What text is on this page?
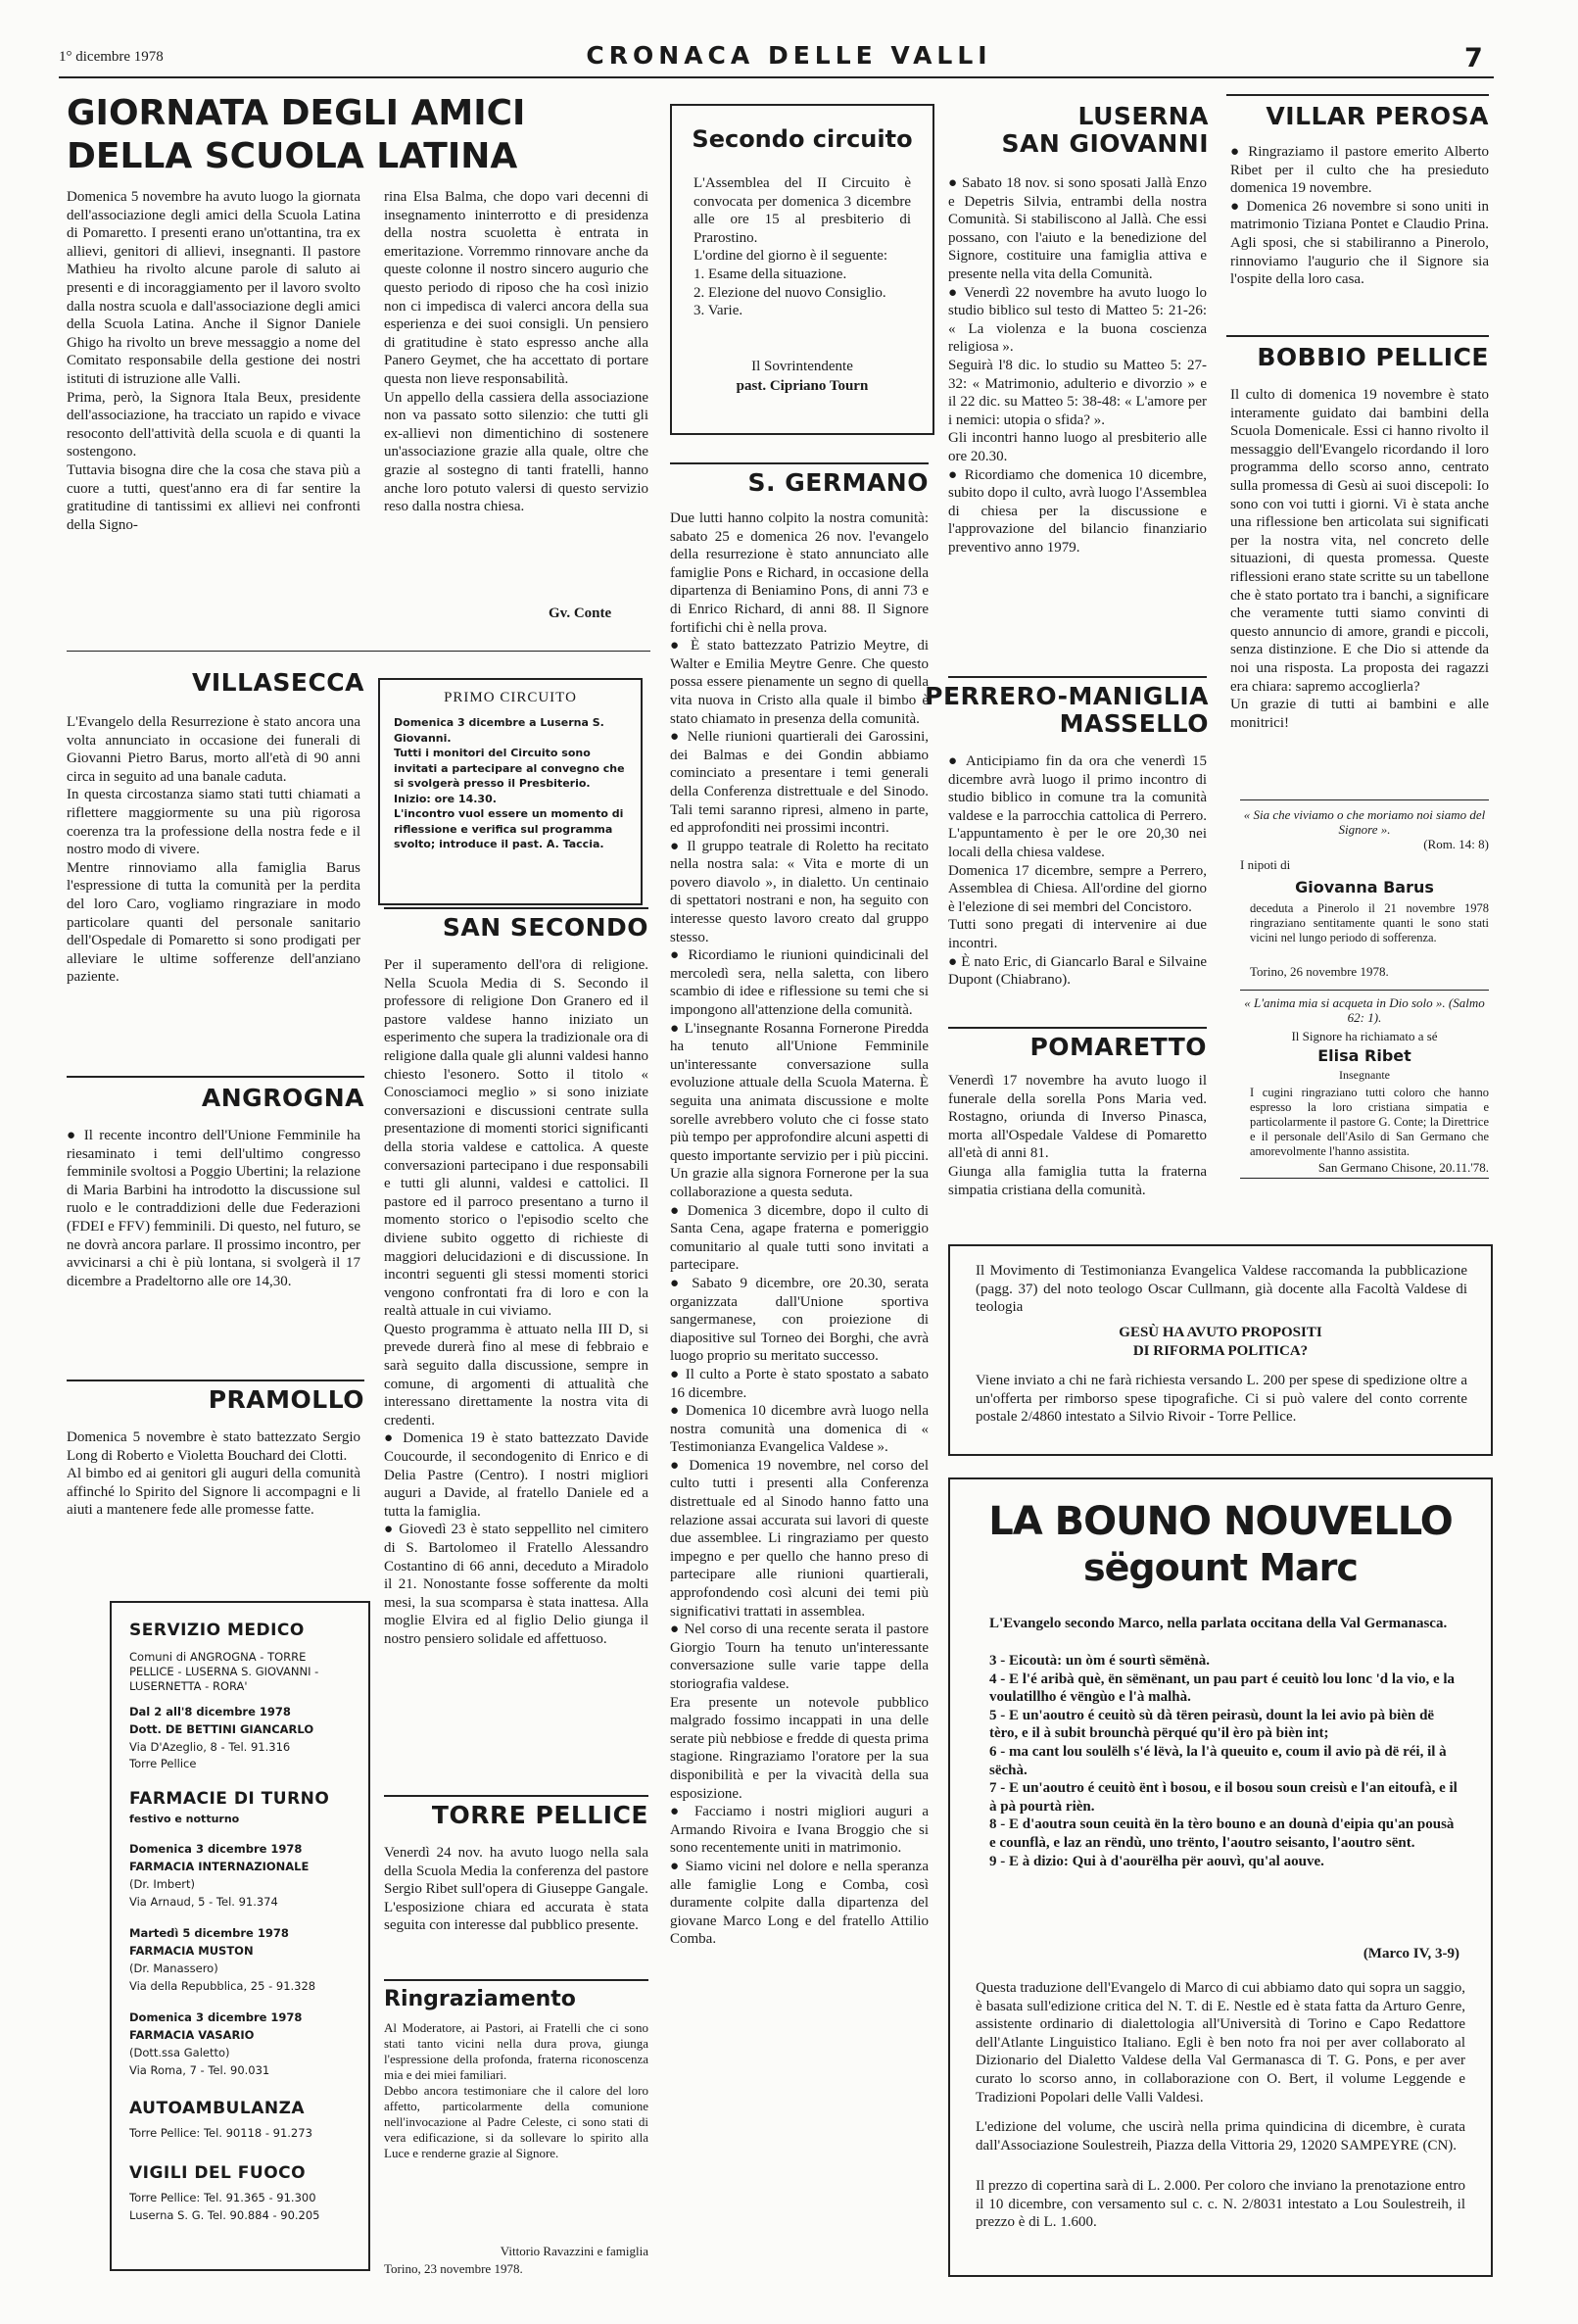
1° dicembre 1978	CRONACA DELLE VALLI	7
GIORNATA DEGLI AMICI
DELLA SCUOLA LATINA
Domenica 5 novembre ha avuto luogo la giornata dell'associazione degli amici della Scuola Latina di Pomaretto. I presenti erano un'ottantina, tra ex allievi, genitori di allievi, insegnanti. Il pastore Mathieu ha rivolto alcune parole di saluto ai presenti e di incoraggiamento per il lavoro svolto dalla nostra scuola e dall'associazione degli amici della Scuola Latina. Anche il Signor Daniele Ghigo ha rivolto un breve messaggio a nome del Comitato responsabile della gestione dei nostri istituti di istruzione alle Valli.
Prima, però, la Signora Itala Beux, presidente dell'associazione, ha tracciato un rapido e vivace resoconto dell'attività della scuola e di quanti la sostengono.
Tuttavia bisogna dire che la cosa che stava più a cuore a tutti, quest'anno era di far sentire la gratitudine di tantissimi ex allievi nei confronti della Signo-
rina Elsa Balma, che dopo vari decenni di insegnamento ininterrotto e di presidenza della nostra scuoletta è entrata in emeritazione. Vorremmo rinnovare anche da queste colonne il nostro sincero augurio che questo periodo di riposo che ha così inizio non ci impedisca di valerci ancora della sua esperienza e dei suoi consigli. Un pensiero di gratitudine è stato espresso anche alla Panero Geymet, che ha accettato di portare questa non lieve responsabilità.
Un appello della cassiera della associazione non va passato sotto silenzio: che tutti gli ex-allievi non dimentichino di sostenere un'associazione grazie alla quale, oltre che grazie al sostegno di tanti fratelli, hanno anche loro potuto valersi di questo servizio reso dalla nostra chiesa.
Gv. Conte
Secondo circuito
L'Assemblea del II Circuito è convocata per domenica 3 dicembre alle ore 15 al presbiterio di Prarostino.
L'ordine del giorno è il seguente:
1. Esame della situazione.
2. Elezione del nuovo Consiglio.
3. Varie.
Il Sovrintendente
past. Cipriano Tourn
S. GERMANO
Due lutti hanno colpito la nostra comunità: sabato 25 e domenica 26 nov. l'evangelo della resurrezione è stato annunciato alle famiglie Pons e Richard, in occasione della dipartenza di Beniamino Pons, di anni 73 e di Enrico Richard, di anni 88. Il Signore fortifichi chi è nella prova.
● È stato battezzato Patrizio Meytre, di Walter e Emilia Meytre Genre. Che questo possa essere pienamente un segno di quella vita nuova in Cristo alla quale il bimbo è stato chiamato in presenza della comunità.
● Nelle riunioni quartierali dei Garossini, dei Balmas e dei Gondin abbiamo cominciato a presentare i temi generali della Conferenza distrettuale e del Sinodo. Tali temi saranno ripresi, almeno in parte, ed approfonditi nei prossimi incontri.
● Il gruppo teatrale di Roletto ha recitato nella nostra sala: « Vita e morte di un povero diavolo », in dialetto. Un centinaio di spettatori nostrani e non, ha seguito con interesse questo lavoro creato dal gruppo stesso.
● Ricordiamo le riunioni quindicinali del mercoledì sera, nella saletta, con libero scambio di idee e riflessione su temi che si impongono all'attenzione della comunità.
● L'insegnante Rosanna Fornerone Piredda ha tenuto all'Unione Femminile un'interessante conversazione sulla evoluzione attuale della Scuola Materna. È seguita una animata discussione e molte sorelle avrebbero voluto che ci fosse stato più tempo per approfondire alcuni aspetti di questo importante servizio per i più piccini. Un grazie alla signora Fornerone per la sua collaborazione a questa seduta.
● Domenica 3 dicembre, dopo il culto di Santa Cena, agape fraterna e pomeriggio comunitario al quale tutti sono invitati a partecipare.
● Sabato 9 dicembre, ore 20.30, serata organizzata dall'Unione sportiva sangermanese, con proiezione di diapositive sul Torneo dei Borghi, che avrà luogo proprio su meritato successo.
● Il culto a Porte è stato spostato a sabato 16 dicembre.
● Domenica 10 dicembre avrà luogo nella nostra comunità una domenica di « Testimonianza Evangelica Valdese ».
● Domenica 19 novembre, nel corso del culto tutti i presenti alla Conferenza distrettuale ed al Sinodo hanno fatto una relazione assai accurata sui lavori di queste due assemblee. Li ringraziamo per questo impegno e per quello che hanno preso di partecipare alle riunioni quartierali, approfondendo così alcuni dei temi più significativi trattati in assemblea.
● Nel corso di una recente serata il pastore Giorgio Tourn ha tenuto un'interessante conversazione sulle varie tappe della storiografia valdese.
Era presente un notevole pubblico malgrado fossimo incappati in una delle serate più nebbiose e fredde di questa prima stagione. Ringraziamo l'oratore per la sua disponibilità e per la vivacità della sua esposizione.
● Facciamo i nostri migliori auguri a Armando Rivoira e Ivana Broggio che si sono recentemente uniti in matrimonio.
● Siamo vicini nel dolore e nella speranza alle famiglie Long e Comba, così duramente colpite dalla dipartenza del giovane Marco Long e del fratello Attilio Comba.
LUSERNA
SAN GIOVANNI
● Sabato 18 nov. si sono sposati Jallà Enzo e Depetris Silvia, entrambi della nostra Comunità. Si stabiliscono al Jallà. Che essi possano, con l'aiuto e la benedizione del Signore, costituire una famiglia attiva e presente nella vita della Comunità.
● Venerdì 22 novembre ha avuto luogo lo studio biblico sul testo di Matteo 5: 21-26: « La violenza e la buona coscienza religiosa ».
Seguirà l'8 dic. lo studio su Matteo 5: 27-32: « Matrimonio, adulterio e divorzio » e il 22 dic. su Matteo 5: 38-48: « L'amore per i nemici: utopia o sfida? ».
Gli incontri hanno luogo al presbiterio alle ore 20.30.
● Ricordiamo che domenica 10 dicembre, subito dopo il culto, avrà luogo l'Assemblea di chiesa per la discussione e l'approvazione del bilancio finanziario preventivo anno 1979.
PERRERO-MANIGLIA
MASSELLO
● Anticipiamo fin da ora che venerdì 15 dicembre avrà luogo il primo incontro di studio biblico in comune tra la comunità valdese e la parrocchia cattolica di Perrero. L'appuntamento è per le ore 20,30 nei locali della chiesa valdese.
Domenica 17 dicembre, sempre a Perrero, Assemblea di Chiesa. All'ordine del giorno è l'elezione di sei membri del Concistoro.
Tutti sono pregati di intervenire ai due incontri.
● È nato Eric, di Giancarlo Baral e Silvaine Dupont (Chiabrano).
POMARETTO
Venerdì 17 novembre ha avuto luogo il funerale della sorella Pons Maria ved. Rostagno, oriunda di Inverso Pinasca, morta all'Ospedale Valdese di Pomaretto all'età di anni 81.
Giunga alla famiglia tutta la fraterna simpatia cristiana della comunità.
VILLAR PEROSA
● Ringraziamo il pastore emerito Alberto Ribet per il culto che ha presieduto domenica 19 novembre.
● Domenica 26 novembre si sono uniti in matrimonio Tiziana Pontet e Claudio Prina. Agli sposi, che si stabiliranno a Pinerolo, rinnoviamo l'augurio che il Signore sia l'ospite della loro casa.
BOBBIO PELLICE
Il culto di domenica 19 novembre è stato interamente guidato dai bambini della Scuola Domenicale. Essi ci hanno rivolto il messaggio dell'Evangelo ricordando il loro programma dello scorso anno, centrato sulla promessa di Gesù ai suoi discepoli: Io sono con voi tutti i giorni. Vi è stata anche una riflessione ben articolata sui significati per la nostra vita, nel concreto delle situazioni, di questa promessa. Queste riflessioni erano state scritte su un tabellone che è stato portato tra i banchi, a significare che veramente tutti siamo convinti di questo annuncio di amore, grandi e piccoli, senza distinzione. E che Dio si attende da noi una risposta. La proposta dei ragazzi era chiara: sapremo accoglierla?
Un grazie di tutti ai bambini e alle monitrici!
« Sia che viviamo o che moriamo noi siamo del Signore ».
(Rom. 14: 8)
I nipoti di
Giovanna Barus
deceduta a Pinerolo il 21 novembre 1978 ringraziano sentitamente quanti le sono stati vicini nel lungo periodo di sofferenza.
Torino, 26 novembre 1978.
« L'anima mia si acqueta in Dio solo ». (Salmo 62: 1).
Il Signore ha richiamato a sé
Elisa Ribet
Insegnante
I cugini ringraziano tutti coloro che hanno espresso la loro cristiana simpatia e particolarmente il pastore G. Conte; la Direttrice e il personale dell'Asilo di San Germano che amorevolmente l'hanno assistita.
San Germano Chisone, 20.11.'78.
Il Movimento di Testimonianza Evangelica Valdese raccomanda la pubblicazione (pagg. 37) del noto teologo Oscar Cullmann, già docente alla Facoltà Valdese di teologia
GESÙ HA AVUTO PROPOSITI
DI RIFORMA POLITICA?
Viene inviato a chi ne farà richiesta versando L. 200 per spese di spedizione oltre a un'offerta per rimborso spese tipografiche. Ci si può valere del conto corrente postale 2/4860 intestato a Silvio Rivoir - Torre Pellice.
LA BOUNO NOUVELLO
sëgount Marc
L'Evangelo secondo Marco, nella parlata occitana della Val Germanasca.
3 - Eicoutà: un òm é sourtì sëmënà.
4 - E l'é aribà què, ën sëmënant, un pau part é ceuitò lou lonc 'd la vio, e la voulatillho é vëngùo e l'à malhà.
5 - E un'aoutro é ceuitò sù dà tëren peirasù, dount la lei avio pà bièn dë tèro, e il à subit brounchà përqué qu'il èro pà bièn int;
6 - ma cant lou soulëlh s'é lëvà, la l'à queuito e, coum il avio pà dë réi, il à sëchà.
7 - E un'aoutro é ceuitò ënt ì bosou, e il bosou soun creisù e l'an eitoufà, e il à pà pourtà rièn.
8 - E d'aoutra soun ceuità ën la tèro bouno e an dounà d'eipia qu'an pousà e counflà, e laz an rëndù, uno trënto, l'aoutro seisanto, l'aoutro sënt.
9 - E à dizio: Qui à d'aourëlha për aouvì, qu'al aouve.
(Marco IV, 3-9)
Questa traduzione dell'Evangelo di Marco di cui abbiamo dato qui sopra un saggio, è basata sull'edizione critica del N. T. di E. Nestle ed è stata fatta da Arturo Genre, assistente ordinario di dialettologia all'Università di Torino e Capo Redattore dell'Atlante Linguistico Italiano. Egli è ben noto fra noi per aver collaborato al Dizionario del Dialetto Valdese della Val Germanasca di T. G. Pons, e per aver curato lo scorso anno, in collaborazione con O. Bert, il volume Leggende e Tradizioni Popolari delle Valli Valdesi.
L'edizione del volume, che uscirà nella prima quindicina di dicembre, è curata dall'Associazione Soulestreih, Piazza della Vittoria 29, 12020 SAMPEYRE (CN).
Il prezzo di copertina sarà di L. 2.000. Per coloro che inviano la prenotazione entro il 10 dicembre, con versamento sul c. c. N. 2/8031 intestato a Lou Soulestreih, il prezzo è di L. 1.600.
VILLASECCA
L'Evangelo della Resurrezione è stato ancora una volta annunciato in occasione dei funerali di Giovanni Pietro Barus, morto all'età di 90 anni circa in seguito ad una banale caduta.
In questa circostanza siamo stati tutti chiamati a riflettere maggiormente su una più rigorosa coerenza tra la professione della nostra fede e il nostro modo di vivere.
Mentre rinnoviamo alla famiglia Barus l'espressione di tutta la comunità per la perdita del loro Caro, vogliamo ringraziare in modo particolare quanti del personale sanitario dell'Ospedale di Pomaretto si sono prodigati per alleviare le ultime sofferenze dell'anziano paziente.
PRIMO CIRCUITO
Domenica 3 dicembre a Luserna S. Giovanni.
Tutti i monitori del Circuito sono invitati a partecipare al convegno che si svolgerà presso il Presbiterio.
Inizio: ore 14.30.
L'incontro vuol essere un momento di riflessione e verifica sul programma svolto; introduce il past. A. Taccia.
SAN SECONDO
Per il superamento dell'ora di religione. Nella Scuola Media di S. Secondo il professore di religione Don Granero ed il pastore valdese hanno iniziato un esperimento che supera la tradizionale ora di religione dalla quale gli alunni valdesi hanno chiesto l'esonero. Sotto il titolo « Conosciamoci meglio » si sono iniziate conversazioni e discussioni centrate sulla presentazione di momenti storici significanti della storia valdese e cattolica. A queste conversazioni partecipano i due responsabili e tutti gli alunni, valdesi e cattolici. Il pastore ed il parroco presentano a turno il momento storico o l'episodio scelto che diviene subito oggetto di richieste di maggiori delucidazioni e di discussione. In incontri seguenti gli stessi momenti storici vengono confrontati fra di loro e con la realtà attuale in cui viviamo.
Questo programma è attuato nella III D, si prevede durerà fino al mese di febbraio e sarà seguito dalla discussione, sempre in comune, di argomenti di attualità che interessano direttamente la nostra vita di credenti.
● Domenica 19 è stato battezzato Davide Coucourde, il secondogenito di Enrico e di Delia Pastre (Centro). I nostri migliori auguri a Davide, al fratello Daniele ed a tutta la famiglia.
● Giovedì 23 è stato seppellito nel cimitero di S. Bartolomeo il Fratello Alessandro Costantino di 66 anni, deceduto a Miradolo il 21. Nonostante fosse sofferente da molti mesi, la sua scomparsa è stata inattesa. Alla moglie Elvira ed al figlio Delio giunga il nostro pensiero solidale ed affettuoso.
TORRE PELLICE
Venerdì 24 nov. ha avuto luogo nella sala della Scuola Media la conferenza del pastore Sergio Ribet sull'opera di Giuseppe Gangale.
L'esposizione chiara ed accurata è stata seguita con interesse dal pubblico presente.
Ringraziamento
Al Moderatore, ai Pastori, ai Fratelli che ci sono stati tanto vicini nella dura prova, giunga l'espressione della profonda, fraterna riconoscenza mia e dei miei familiari.
Debbo ancora testimoniare che il calore del loro affetto, particolarmente della comunione nell'invocazione al Padre Celeste, ci sono stati di vera edificazione, si da sollevare lo spirito alla Luce e renderne grazie al Signore.
Vittorio Ravazzini e famiglia
Torino, 23 novembre 1978.
ANGROGNA
● Il recente incontro dell'Unione Femminile ha riesaminato i temi dell'ultimo congresso femminile svoltosi a Poggio Ubertini; la relazione di Maria Barbini ha introdotto la discussione sul ruolo e le contraddizioni delle due Federazioni (FDEI e FFV) femminili. Di questo, nel futuro, se ne dovrà ancora parlare. Il prossimo incontro, per avvicinarsi a chi è più lontana, si svolgerà il 17 dicembre a Pradeltorno alle ore 14,30.
PRAMOLLO
Domenica 5 novembre è stato battezzato Sergio Long di Roberto e Violetta Bouchard dei Clotti.
Al bimbo ed ai genitori gli auguri della comunità affinché lo Spirito del Signore li accompagni e li aiuti a mantenere fede alle promesse fatte.
SERVIZIO MEDICO
Comuni di ANGROGNA - TORRE PELLICE - LUSERNA S. GIOVANNI - LUSERNETTA - RORA'
Dal 2 all'8 dicembre 1978
Dott. DE BETTINI GIANCARLO
Via D'Azeglio, 8 - Tel. 91.316
Torre Pellice
FARMACIE DI TURNO
festivo e notturno
Domenica 3 dicembre 1978
FARMACIA INTERNAZIONALE
(Dr. Imbert)
Via Arnaud, 5 - Tel. 91.374
Martedì 5 dicembre 1978
FARMACIA MUSTON
(Dr. Manassero)
Via della Repubblica, 25 - 91.328
Domenica 3 dicembre 1978
FARMACIA VASARIO
(Dott.ssa Galetto)
Via Roma, 7 - Tel. 90.031
AUTOAMBULANZA
Torre Pellice: Tel. 90118 - 91.273
VIGILI DEL FUOCO
Torre Pellice: Tel. 91.365 - 91.300
Luserna S. G. Tel. 90.884 - 90.205
